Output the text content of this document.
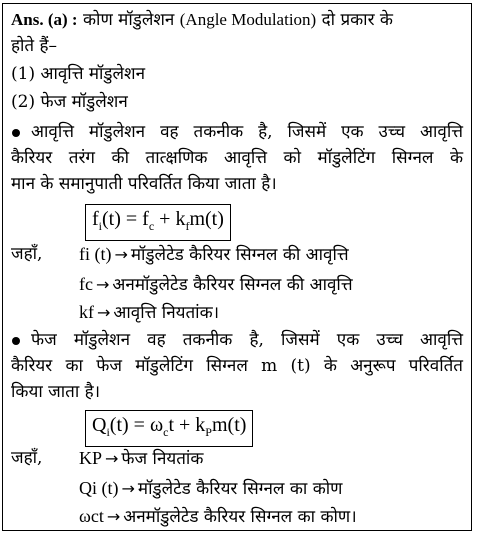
Ans. (a) : कोण मॉडुलेशन (Angle Modulation) दो प्रकार के
होते हैं–
(1) आवृत्ति मॉडुलेशन
(2) फेज मॉडुलेशन
आवृत्ति मॉडुलेशन वह तकनीक है, जिसमें एक उच्च आवृत्ति
कैरियर तरंग की तात्क्षणिक आवृत्ति को मॉडुलेटिंग सिग्नल के
मान के समानुपाती परिवर्तित किया जाता है।
$f_i(t) = f_c + k_fm(t)$
जहाँ, fi (t) → मॉडुलेटेड कैरियर सिग्नल की आवृत्ति
fc → अनमॉडुलेटेड कैरियर सिग्नल की आवृत्ति
kf → आवृत्ति नियतांक।
फेज मॉडुलेशन वह तकनीक है, जिसमें एक उच्च आवृत्ति
कैरियर का फेज मॉडुलेटिंग सिग्नल m (t) के अनुरूप परिवर्तित
किया जाता है।
$Q_i(t) = \omega_ct + k_Pm(t)$
जहाँ, KP → फेज नियतांक
Qi (t) → मॉडुलेटेड कैरियर सिग्नल का कोण
ωct → अनमॉडुलेटेड कैरियर सिग्नल का कोण।
